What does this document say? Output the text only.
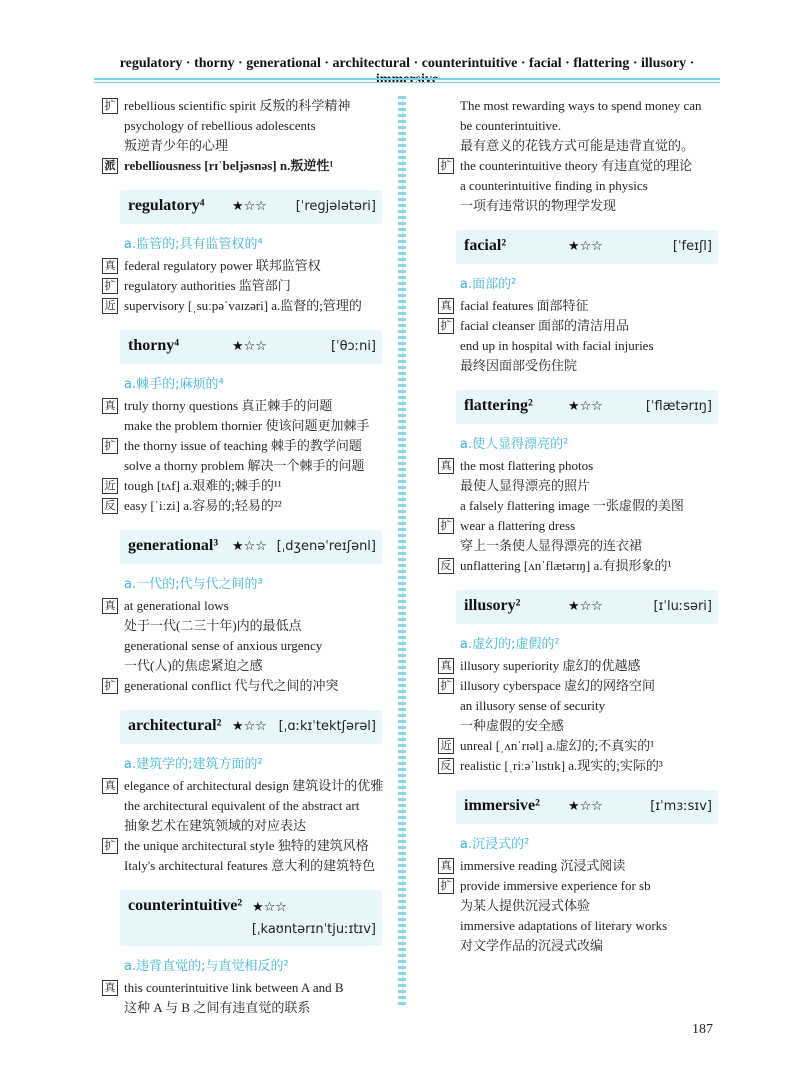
regulatory · thorny · generational · architectural · counterintuitive · facial · flattering · illusory ·
扩 rebellious scientific spirit 反叛的科学精神
psychology of rebellious adolescents
叛逆青少年的心理
派 rebelliousness [rɪˈbeljəsnəs] n.叛逆性¹
regulatory⁴ ★☆☆ [ˈreɡjələtəri]
a.监管的;具有监管权的⁴
真 federal regulatory power 联邦监管权
扩 regulatory authorities 监管部门
近 supervisory [ˌsuːpəˈvaɪzəri] a.监督的;管理的
thorny⁴	★☆☆	[ˈθɔːni]
a.棘手的;麻烦的⁴
真 truly thorny questions 真正棘手的问题
make the problem thornier 使该问题更加棘手
扩 the thorny issue of teaching 棘手的教学问题
solve a thorny problem 解决一个棘手的问题
近 tough [tʌf] a.艰难的;棘手的¹¹
反 easy [ˈiːzi] a.容易的;轻易的²²
generational³ ★☆☆ [ˌdʒenəˈreɪʃənl]
a.一代的;代与代之间的³
真 at generational lows
处于一代(二三十年)内的最低点
generational sense of anxious urgency
一代(人)的焦虑紧迫之感
扩 generational conflict 代与代之间的冲突
architectural² ★☆☆ [ˌɑːkɪˈtektʃərəl]
a.建筑学的;建筑方面的²
真 elegance of architectural design 建筑设计的优雅
the architectural equivalent of the abstract art
抽象艺术在建筑领域的对应表达
扩 the unique architectural style 独特的建筑风格
Italy's architectural features 意大利的建筑特色
counterintuitive² ★☆☆
[ˌkaʊntərɪnˈtjuːɪtɪv]
a.违背直觉的;与直觉相反的²
真 this counterintuitive link between A and B
这种 A 与 B 之间有违直觉的联系
The most rewarding ways to spend money can
be counterintuitive.
最有意义的花钱方式可能是违背直觉的。
扩 the counterintuitive theory 有违直觉的理论
a counterintuitive finding in physics
一项有违常识的物理学发现
facial²	★☆☆	[ˈfeɪʃl]
a.面部的²
真 facial features 面部特征
扩 facial cleanser 面部的清洁用品
end up in hospital with facial injuries
最终因面部受伤住院
flattering²	★☆☆	[ˈflætərɪŋ]
a.使人显得漂亮的²
真 the most flattering photos
最使人显得漂亮的照片
a falsely flattering image 一张虚假的美图
扩 wear a flattering dress
穿上一条使人显得漂亮的连衣裙
反 unflattering [ʌnˈflætərɪŋ] a.有损形象的¹
illusory²	★☆☆	[ɪˈluːsəri]
a.虚幻的;虚假的²
真 illusory superiority 虚幻的优越感
扩 illusory cyberspace 虚幻的网络空间
an illusory sense of security
一种虚假的安全感
近 unreal [ˌʌnˈrɪəl] a.虚幻的;不真实的¹
反 realistic [ˌriːəˈlɪstɪk] a.现实的;实际的³
immersive² ★☆☆	[ɪˈmɜːsɪv]
a.沉浸式的²
真 immersive reading 沉浸式阅读
扩 provide immersive experience for sb
为某人提供沉浸式体验
immersive adaptations of literary works
对文学作品的沉浸式改编
187
